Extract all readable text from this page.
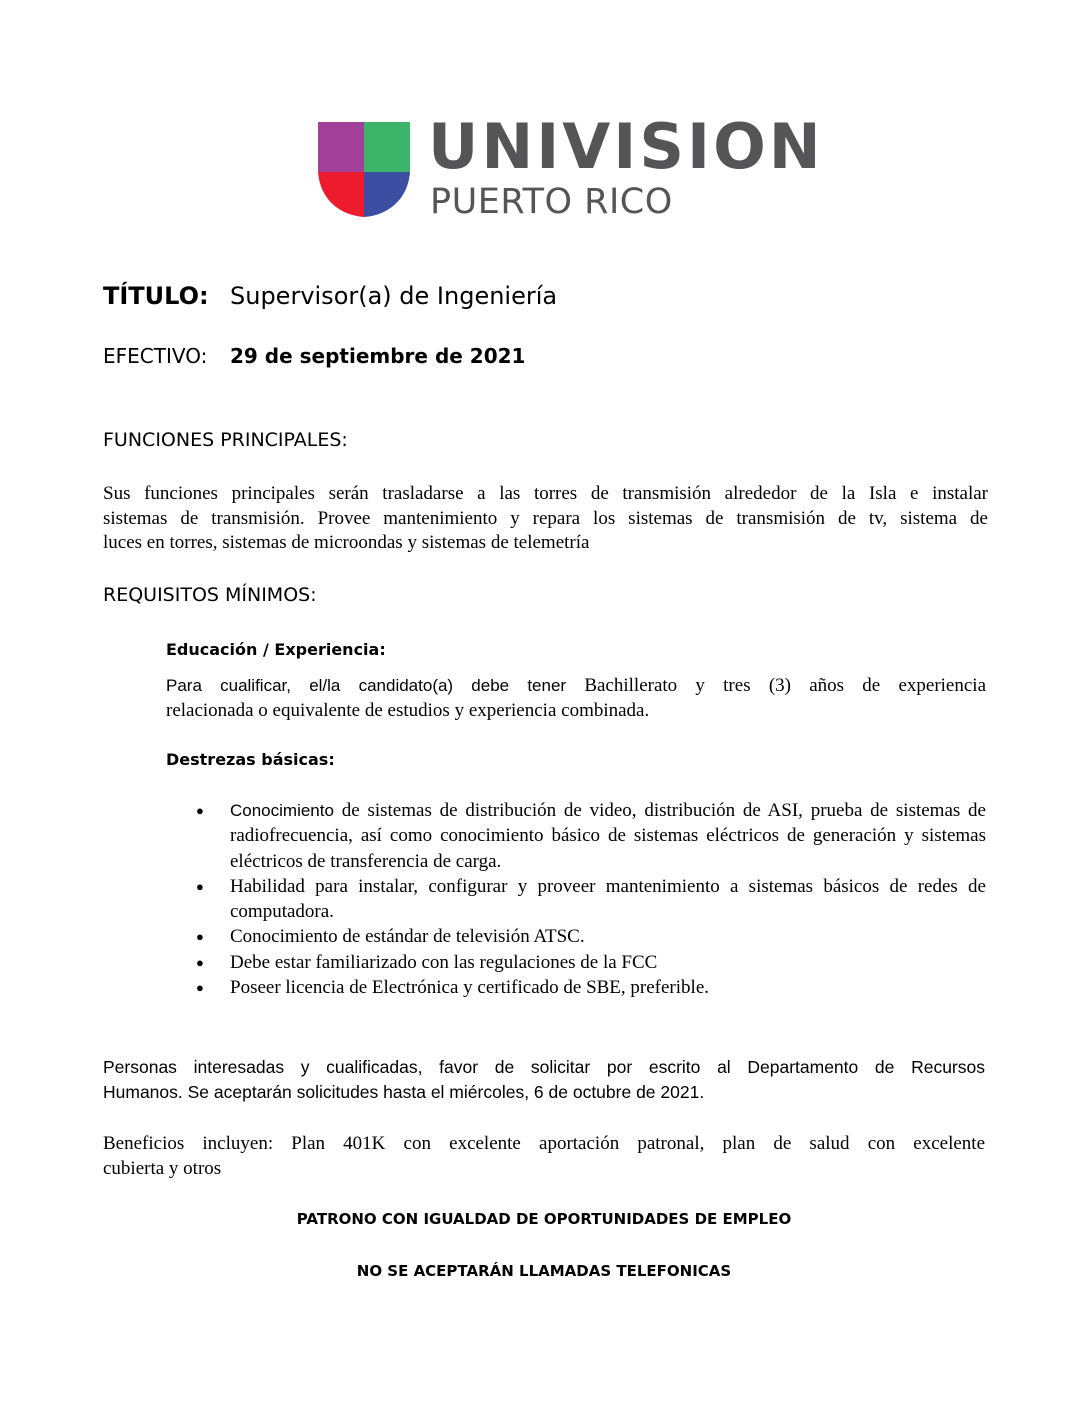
UNIVISION
PUERTO RICO
TÍTULO: Supervisor(a) de Ingeniería
EFECTIVO: 29 de septiembre de 2021
FUNCIONES PRINCIPALES:
Sus funciones principales serán trasladarse a las torres de transmisión alrededor de la Isla e instalar
sistemas de transmisión. Provee mantenimiento y repara los sistemas de transmisión de tv, sistema de
luces en torres, sistemas de microondas y sistemas de telemetría
REQUISITOS MÍNIMOS:
Educación / Experiencia:
Para cualificar, el/la candidato(a) debe tener Bachillerato y tres (3) años de experiencia
relacionada o equivalente de estudios y experiencia combinada.
Destrezas básicas:
● Conocimiento de sistemas de distribución de video, distribución de ASI, prueba de sistemas de radiofrecuencia, así como conocimiento básico de sistemas eléctricos de generación y sistemas eléctricos de transferencia de carga.
● Habilidad para instalar, configurar y proveer mantenimiento a sistemas básicos de redes de computadora.
● Conocimiento de estándar de televisión ATSC.
● Debe estar familiarizado con las regulaciones de la FCC
● Poseer licencia de Electrónica y certificado de SBE, preferible.
Personas interesadas y cualificadas, favor de solicitar por escrito al Departamento de Recursos
Humanos. Se aceptarán solicitudes hasta el miércoles, 6 de octubre de 2021.
Beneficios incluyen: Plan 401K con excelente aportación patronal, plan de salud con excelente
cubierta y otros
PATRONO CON IGUALDAD DE OPORTUNIDADES DE EMPLEO
NO SE ACEPTARÁN LLAMADAS TELEFONICAS
